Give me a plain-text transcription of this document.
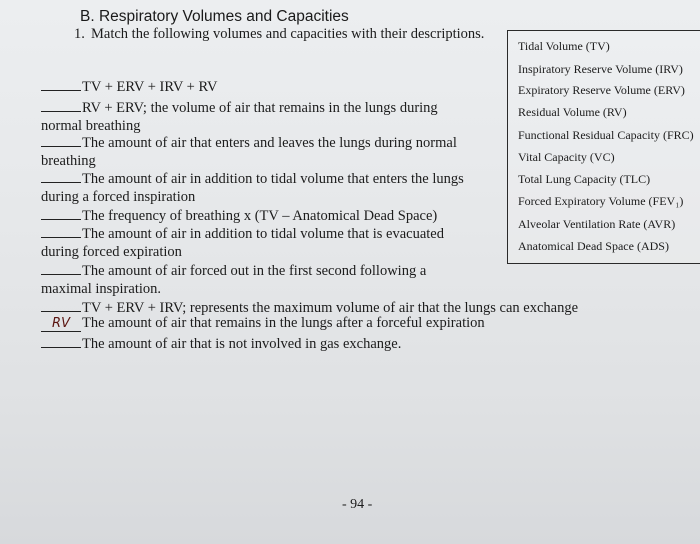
B. Respiratory Volumes and Capacities
1. Match the following volumes and capacities with their descriptions.
TV + ERV + IRV + RV
RV + ERV; the volume of air that remains in the lungs during
normal breathing
The amount of air that enters and leaves the lungs during normal
breathing
The amount of air in addition to tidal volume that enters the lungs
during a forced inspiration
The frequency of breathing x (TV – Anatomical Dead Space)
The amount of air in addition to tidal volume that is evacuated
during forced expiration
The amount of air forced out in the first second following a
maximal inspiration.
TV + ERV + IRV; represents the maximum volume of air that the lungs can exchange
RV The amount of air that remains in the lungs after a forceful expiration
The amount of air that is not involved in gas exchange.
Tidal Volume (TV)
Inspiratory Reserve Volume (IRV)
Expiratory Reserve Volume (ERV)
Residual Volume (RV)
Functional Residual Capacity (FRC)
Vital Capacity (VC)
Total Lung Capacity (TLC)
Forced Expiratory Volume (FEV₁)
Alveolar Ventilation Rate (AVR)
Anatomical Dead Space (ADS)
- 94 -
